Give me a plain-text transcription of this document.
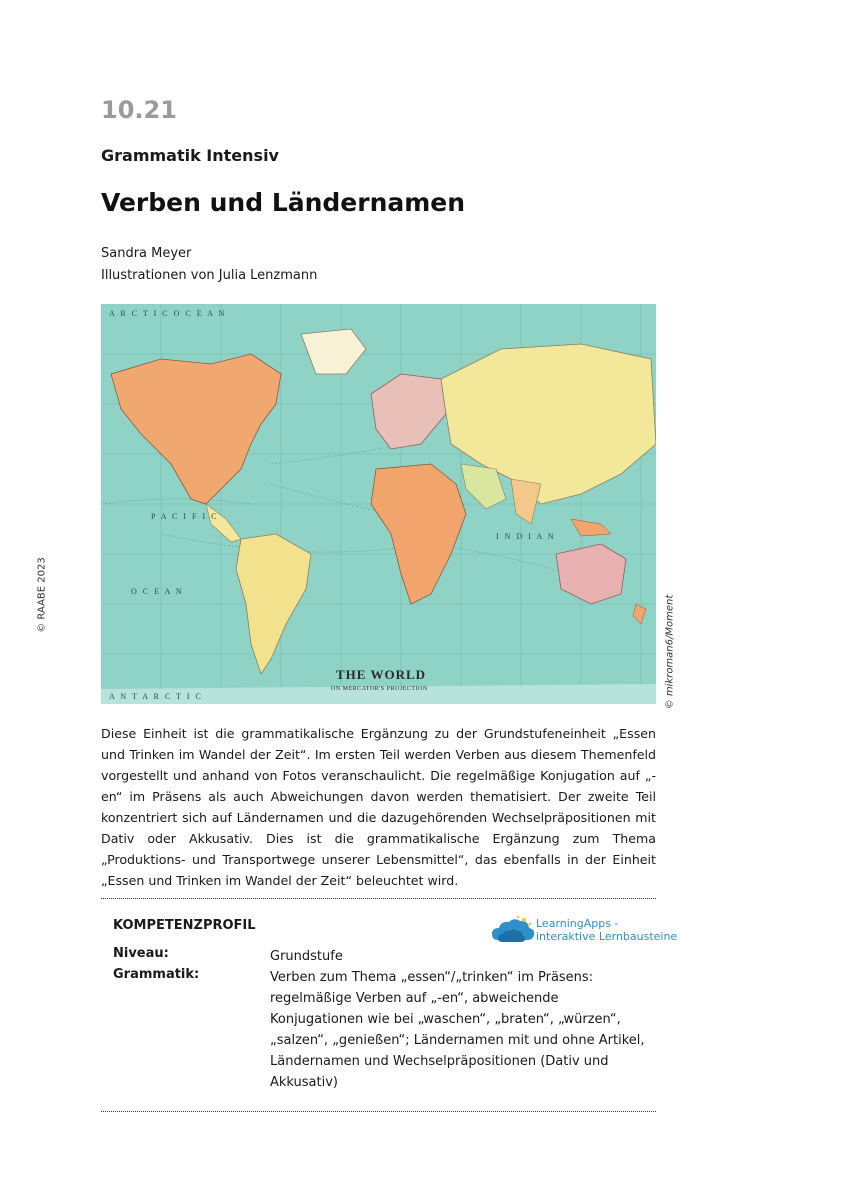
10.21
Grammatik Intensiv
Verben und Ländernamen
Sandra Meyer
Illustrationen von Julia Lenzmann
© RAABE 2023
A R C T I C O C E A N
P A C I F I C
I N D I A N
O C E A N
A N T A R C T I C
THE WORLD
ON MERCATOR'S PROJECTION	© mikroman6/Moment
Diese Einheit ist die grammatikalische Ergänzung zu der Grundstufeneinheit „Essen und Trinken im Wandel der Zeit“. Im ersten Teil werden Verben aus diesem Themenfeld vorgestellt und anhand von Fotos veranschaulicht. Die regelmäßige Konjugation auf „-en“ im Präsens als auch Abweichungen davon werden thematisiert. Der zweite Teil konzentriert sich auf Ländernamen und die dazugehörenden Wechselpräpositionen mit Dativ oder Akkusativ. Dies ist die grammatikalische Ergänzung zum Thema „Produktions- und Transportwege unserer Lebensmittel“, das ebenfalls in der Einheit „Essen und Trinken im Wandel der Zeit“ beleuchtet wird.
KOMPETENZPROFIL	LearningApps -
interaktive Lernbausteine
Niveau:	Grundstufe
Grammatik:	Verben zum Thema „essen“/„trinken“ im Präsens: regelmäßige Verben auf „-en“, abweichende Konjugationen wie bei „waschen“, „braten“, „würzen“, „salzen“, „genießen“; Ländernamen mit und ohne Artikel, Ländernamen und Wechselpräpositionen (Dativ und Akkusativ)
